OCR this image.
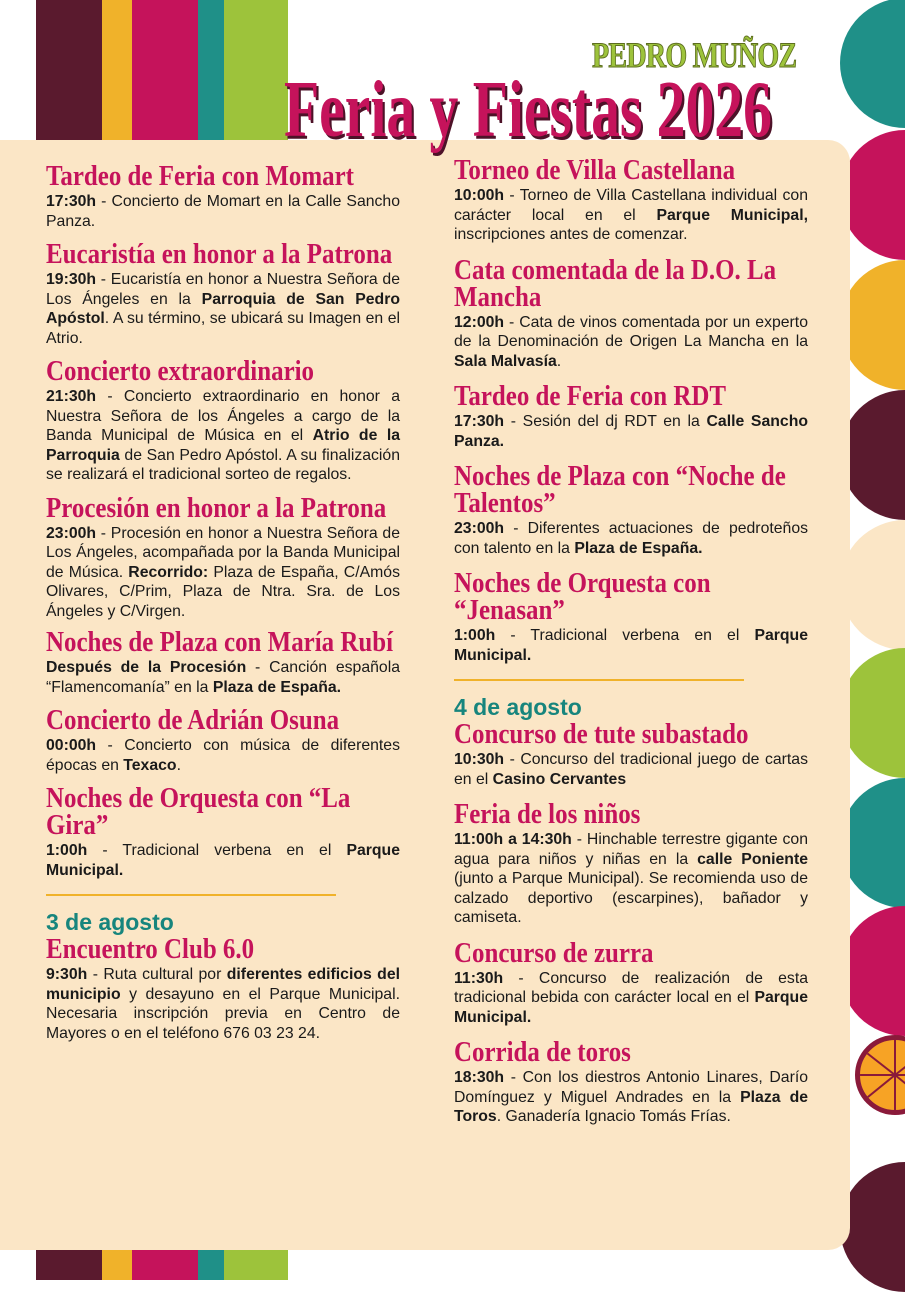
PEDRO MUÑOZ
Feria y Fiestas 2026
Tardeo de Feria con Momart

17:30h - Concierto de Momart en la Calle Sancho Panza.

Eucaristía en honor a la Patrona

19:30h - Eucaristía en honor a Nuestra Señora de Los Ángeles en la Parroquia de San Pedro Apóstol. A su término, se ubicará su Imagen en el Atrio.

Concierto extraordinario

21:30h - Concierto extraordinario en honor a Nuestra Señora de los Ángeles a cargo de la Banda Municipal de Música en el Atrio de la Parroquia de San Pedro Apóstol. A su finalización se realizará el tradicional sorteo de regalos.

Procesión en honor a la Patrona

23:00h - Procesión en honor a Nuestra Señora de Los Ángeles, acompañada por la Banda Municipal de Música. Recorrido: Plaza de España, C/Amós Olivares, C/Prim, Plaza de Ntra. Sra. de Los Ángeles y C/Virgen.

Noches de Plaza con María Rubí

Después de la Procesión - Canción española “Flamencomanía” en la Plaza de España.

Concierto de Adrián Osuna

00:00h - Concierto con música de diferentes épocas en Texaco.

Noches de Orquesta con “La Gira”

1:00h - Tradicional verbena en el Parque Municipal.

3 de agosto
Encuentro Club 6.0

9:30h - Ruta cultural por diferentes edificios del municipio y desayuno en el Parque Municipal. Necesaria inscripción previa en Centro de Mayores o en el teléfono 676 03 23 24.

Torneo de Villa Castellana

10:00h - Torneo de Villa Castellana individual con carácter local en el Parque Municipal, inscripciones antes de comenzar.

Cata comentada de la D.O. La Mancha

12:00h - Cata de vinos comentada por un experto de la Denominación de Origen La Mancha en la Sala Malvasía.

Tardeo de Feria con RDT

17:30h - Sesión del dj RDT en la Calle Sancho Panza.

Noches de Plaza con “Noche de Talentos”

23:00h - Diferentes actuaciones de pedroteños con talento en la Plaza de España.

Noches de Orquesta con “Jenasan”

1:00h - Tradicional verbena en el Parque Municipal.

4 de agosto
Concurso de tute subastado

10:30h - Concurso del tradicional juego de cartas en el Casino Cervantes

Feria de los niños

11:00h a 14:30h - Hinchable terrestre gigante con agua para niños y niñas en la calle Poniente (junto a Parque Municipal). Se recomienda uso de calzado deportivo (escarpines), bañador y camiseta.

Concurso de zurra

11:30h - Concurso de realización de esta tradicional bebida con carácter local en el Parque Municipal.

Corrida de toros

18:30h - Con los diestros Antonio Linares, Darío Domínguez y Miguel Andrades en la Plaza de Toros. Ganadería Ignacio Tomás Frías.
